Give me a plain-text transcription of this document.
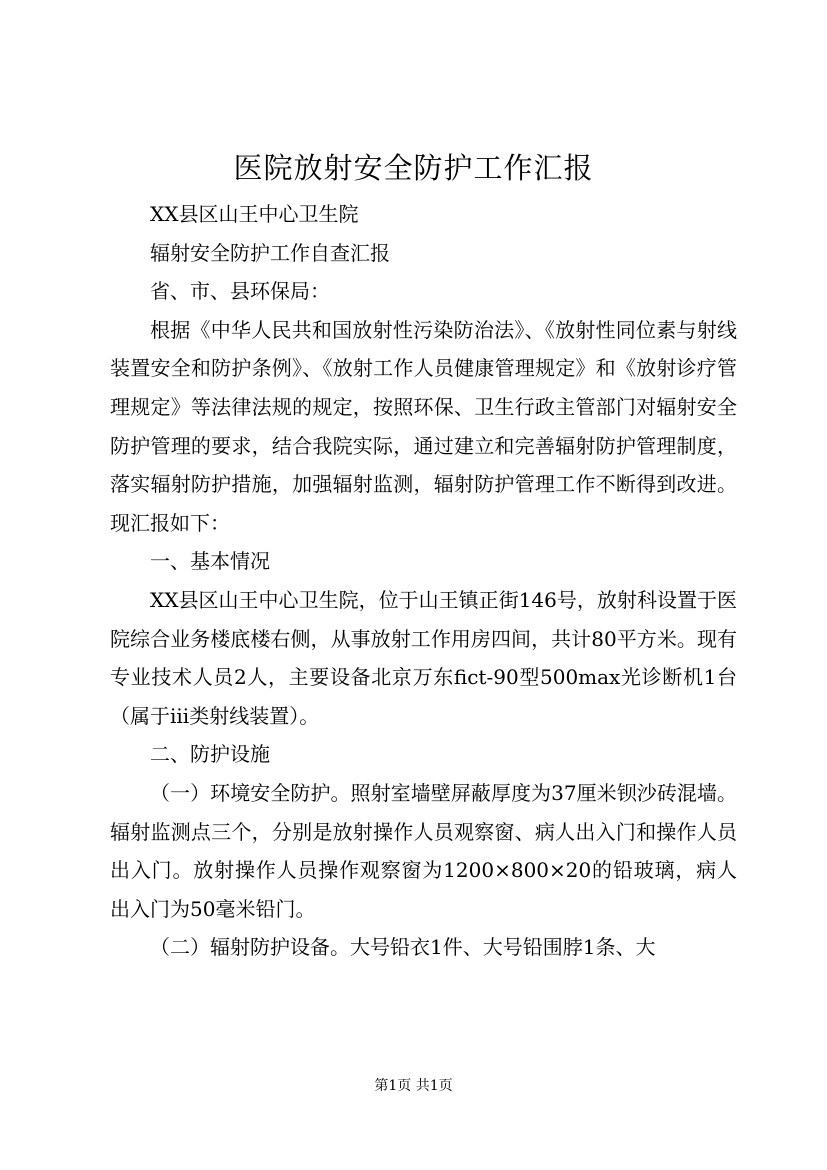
医院放射安全防护工作汇报

XX县区山王中心卫生院

辐射安全防护工作自查汇报

省、市、县环保局：

根据《中华人民共和国放射性污染防治法》、《放射性同位素与射线装置安全和防护条例》、《放射工作人员健康管理规定》和《放射诊疗管理规定》等法律法规的规定，按照环保、卫生行政主管部门对辐射安全防护管理的要求，结合我院实际，通过建立和完善辐射防护管理制度，落实辐射防护措施，加强辐射监测，辐射防护管理工作不断得到改进。现汇报如下：

一、基本情况

XX县区山王中心卫生院，位于山王镇正街146号，放射科设置于医院综合业务楼底楼右侧，从事放射工作用房四间，共计80平方米。现有专业技术人员2人，主要设备北京万东fict-90型500max光诊断机1台（属于iii类射线装置）。

二、防护设施

（一）环境安全防护。照射室墙壁屏蔽厚度为37厘米钡沙砖混墙。辐射监测点三个，分别是放射操作人员观察窗、病人出入门和操作人员出入门。放射操作人员操作观察窗为1200×800×20的铅玻璃，病人出入门为50毫米铅门。

（二）辐射防护设备。大号铅衣1件、大号铅围脖1条、大

第1页 共1页
